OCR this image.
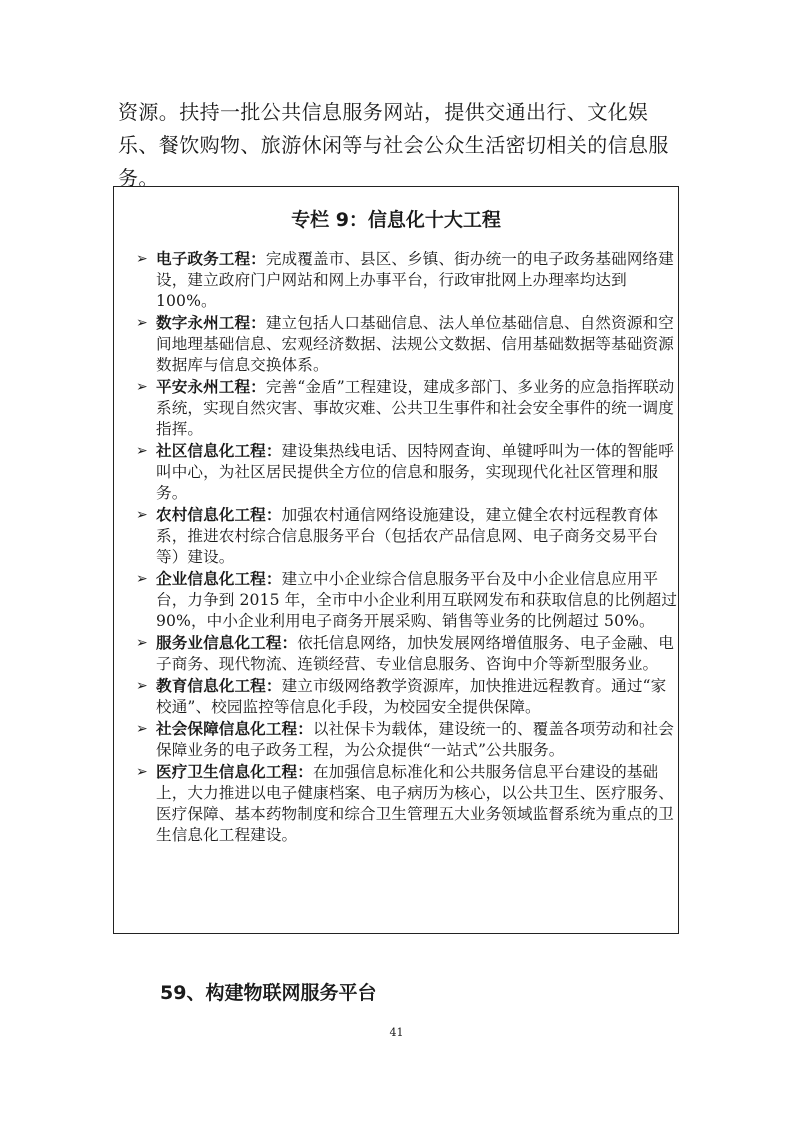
资源。扶持一批公共信息服务网站，提供交通出行、文化娱乐、餐饮购物、旅游休闲等与社会公众生活密切相关的信息服务。

专栏 9：信息化十大工程
➢ 电子政务工程：完成覆盖市、县区、乡镇、街办统一的电子政务基础网络建设，建立政府门户网站和网上办事平台，行政审批网上办理率均达到 100%。
➢ 数字永州工程：建立包括人口基础信息、法人单位基础信息、自然资源和空间地理基础信息、宏观经济数据、法规公文数据、信用基础数据等基础资源数据库与信息交换体系。
➢ 平安永州工程：完善“金盾”工程建设，建成多部门、多业务的应急指挥联动系统，实现自然灾害、事故灾难、公共卫生事件和社会安全事件的统一调度指挥。
➢ 社区信息化工程：建设集热线电话、因特网查询、单键呼叫为一体的智能呼叫中心，为社区居民提供全方位的信息和服务，实现现代化社区管理和服务。
➢ 农村信息化工程：加强农村通信网络设施建设，建立健全农村远程教育体系，推进农村综合信息服务平台（包括农产品信息网、电子商务交易平台等）建设。
➢ 企业信息化工程：建立中小企业综合信息服务平台及中小企业信息应用平台，力争到 2015 年，全市中小企业利用互联网发布和获取信息的比例超过 90%，中小企业利用电子商务开展采购、销售等业务的比例超过 50%。
➢ 服务业信息化工程：依托信息网络，加快发展网络增值服务、电子金融、电子商务、现代物流、连锁经营、专业信息服务、咨询中介等新型服务业。
➢ 教育信息化工程：建立市级网络教学资源库，加快推进远程教育。通过“家校通”、校园监控等信息化手段，为校园安全提供保障。
➢ 社会保障信息化工程：以社保卡为载体，建设统一的、覆盖各项劳动和社会保障业务的电子政务工程，为公众提供“一站式”公共服务。
➢ 医疗卫生信息化工程：在加强信息标准化和公共服务信息平台建设的基础上，大力推进以电子健康档案、电子病历为核心，以公共卫生、医疗服务、医疗保障、基本药物制度和综合卫生管理五大业务领域监督系统为重点的卫生信息化工程建设。
59、构建物联网服务平台

41
